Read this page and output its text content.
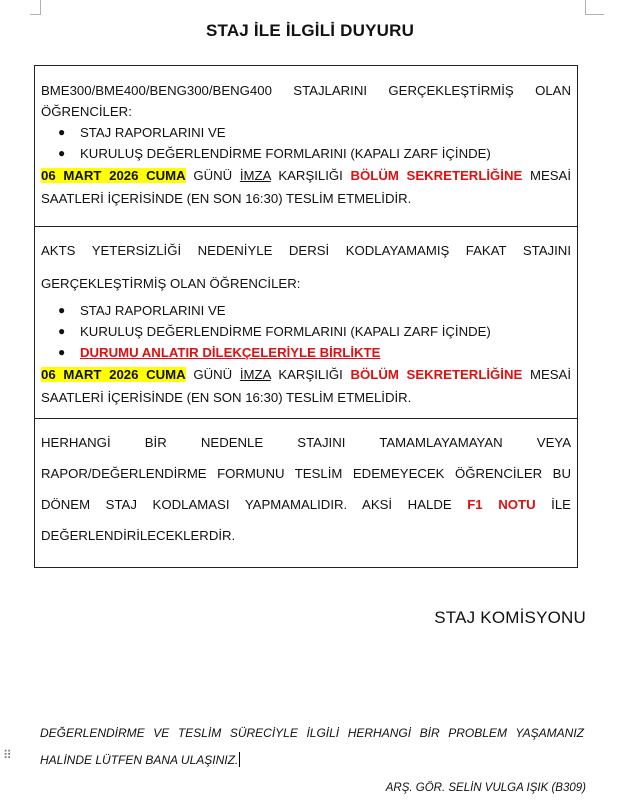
STAJ İLE İLGİLİ DUYURU

BME300/BME400/BENG300/BENG400 STAJLARINI GERÇEKLEŞTİRMİŞ OLAN ÖĞRENCİLER:

● STAJ RAPORLARINI VE
● KURULUŞ DEĞERLENDİRME FORMLARINI (KAPALI ZARF İÇİNDE)

06 MART 2026 CUMA GÜNÜ İMZA KARŞILIĞI BÖLÜM SEKRETERLİĞİNE MESAİ SAATLERİ İÇERİSİNDE (EN SON 16:30) TESLİM ETMELİDİR.

AKTS YETERSİZLİĞİ NEDENİYLE DERSİ KODLAYAMAMIŞ FAKAT STAJINI GERÇEKLEŞTİRMİŞ OLAN ÖĞRENCİLER:

● STAJ RAPORLARINI VE
● KURULUŞ DEĞERLENDİRME FORMLARINI (KAPALI ZARF İÇİNDE)
● DURUMU ANLATIR DİLEKÇELERİYLE BİRLİKTE

06 MART 2026 CUMA GÜNÜ İMZA KARŞILIĞI BÖLÜM SEKRETERLİĞİNE MESAİ SAATLERİ İÇERİSİNDE (EN SON 16:30) TESLİM ETMELİDİR.

HERHANGİ BİR NEDENLE STAJINI TAMAMLAYAMAYAN VEYA RAPOR/DEĞERLENDİRME FORMUNU TESLİM EDEMEYECEK ÖĞRENCİLER BU DÖNEM STAJ KODLAMASI YAPMAMALIDIR. AKSİ HALDE F1 NOTU İLE DEĞERLENDİRİLECEKLERDİR.

STAJ KOMİSYONU
⠿
DEĞERLENDİRME VE TESLİM SÜRECİYLE İLGİLİ HERHANGİ BİR PROBLEM YAŞAMANIZ HALİNDE LÜTFEN BANA ULAŞINIZ.
ARŞ. GÖR. SELİN VULGA IŞIK (B309)
